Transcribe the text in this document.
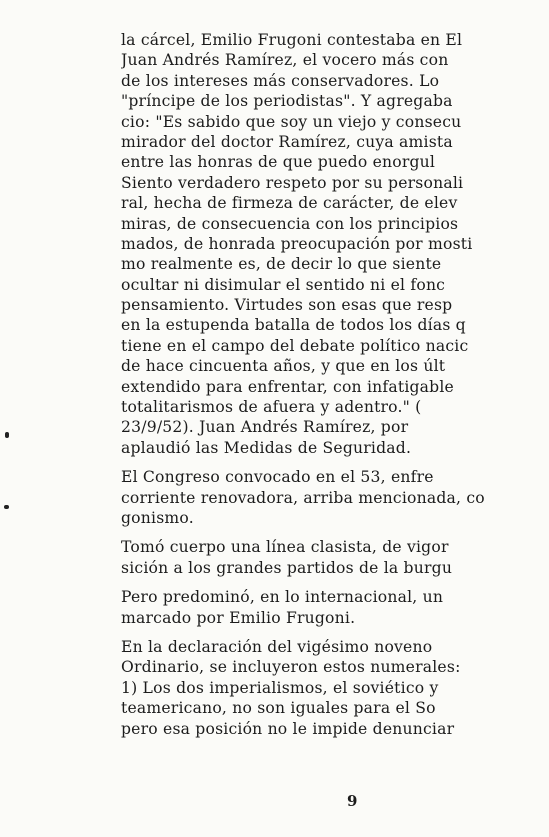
la cárcel, Emilio Frugoni contestaba en El
Juan Andrés Ramírez, el vocero más con
de los intereses más conservadores. Lo
"príncipe de los periodistas". Y agregaba
cio: "Es sabido que soy un viejo y consecu
mirador del doctor Ramírez, cuya amista
entre las honras de que puedo enorgul
Siento verdadero respeto por su personali
ral, hecha de firmeza de carácter, de elev
miras, de consecuencia con los principios
mados, de honrada preocupación por mosti
mo realmente es, de decir lo que siente
ocultar ni disimular el sentido ni el fonc
pensamiento. Virtudes son esas que resp
en la estupenda batalla de todos los días q
tiene en el campo del debate político nacic
de hace cincuenta años, y que en los últ
extendido para enfrentar, con infatigable
totalitarismos de afuera y adentro." (
23/9/52). Juan Andrés Ramírez, por
aplaudió las Medidas de Seguridad.
El Congreso convocado en el 53, enfre
corriente renovadora, arriba mencionada, co
gonismo.
Tomó cuerpo una línea clasista, de vigor
sición a los grandes partidos de la burgu
Pero predominó, en lo internacional, un
marcado por Emilio Frugoni.
En la declaración del vigésimo noveno
Ordinario, se incluyeron estos numerales:
1) Los dos imperialismos, el soviético y
teamericano, no son iguales para el So
pero esa posición no le impide denunciar
9
